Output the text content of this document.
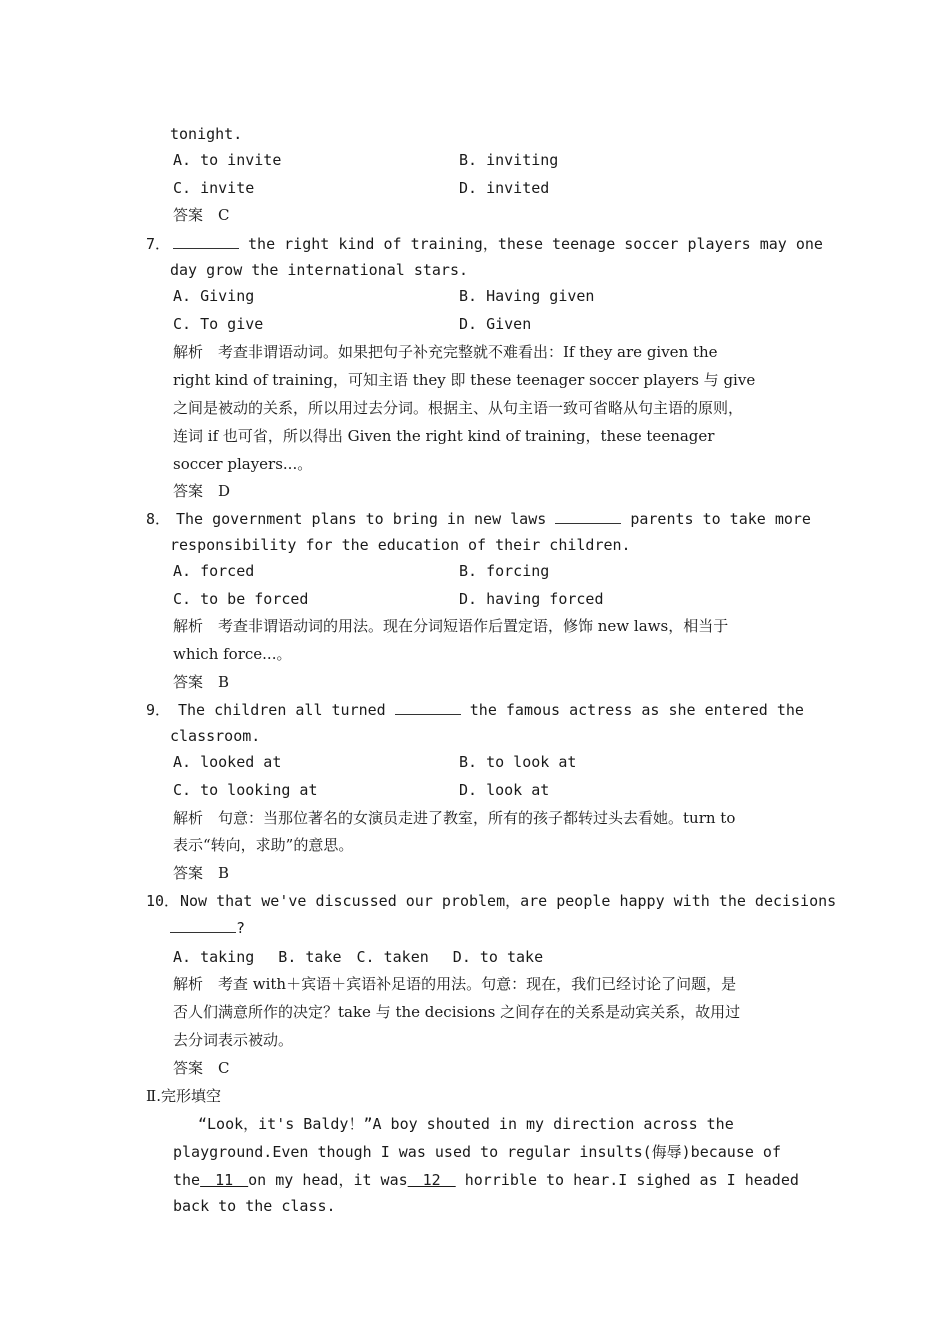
tonight.
A. to invite	B. inviting
C. invite	D. invited
答案　C
7．	the right kind of training，these teenage soccer players may one
day grow the international stars.
A. Giving	B. Having given
C. To give	D. Given
解析　考查非谓语动词。如果把句子补充完整就不难看出：If they are given the
right kind of training，可知主语 they 即 these teenager soccer players 与 give
之间是被动的关系，所以用过去分词。根据主、从句主语一致可省略从句主语的原则，
连词 if 也可省，所以得出 Given the right kind of training，these teenager
soccer players...。
答案　D
8． The government plans to bring in new laws	parents to take more
responsibility for the education of their children.
A. forced	B. forcing
C. to be forced	D. having forced
解析　考查非谓语动词的用法。现在分词短语作后置定语，修饰 new laws，相当于
which force...。
答案　B
9． The children all turned	the famous actress as she entered the
classroom.
A. looked at	B. to look at
C. to looking at	D. look at
解析　句意：当那位著名的女演员走进了教室，所有的孩子都转过头去看她。turn to
表示“转向，求助”的意思。
答案　B
10． Now that we've discussed our problem，are people happy with the decisions
?
A. taking　 B. take　C. taken　 D. to take
解析　考查 with＋宾语＋宾语补足语的用法。句意：现在，我们已经讨论了问题，是
否人们满意所作的决定？take 与 the decisions 之间存在的关系是动宾关系，故用过
去分词表示被动。
答案　C
Ⅱ.完形填空
“Look，it's Baldy！”A boy shouted in my direction across the
playground.Even though I was used to regular insults(侮辱)because of
the　11　on my head，it was　12　 horrible to hear.I sighed as I headed
back to the class.
